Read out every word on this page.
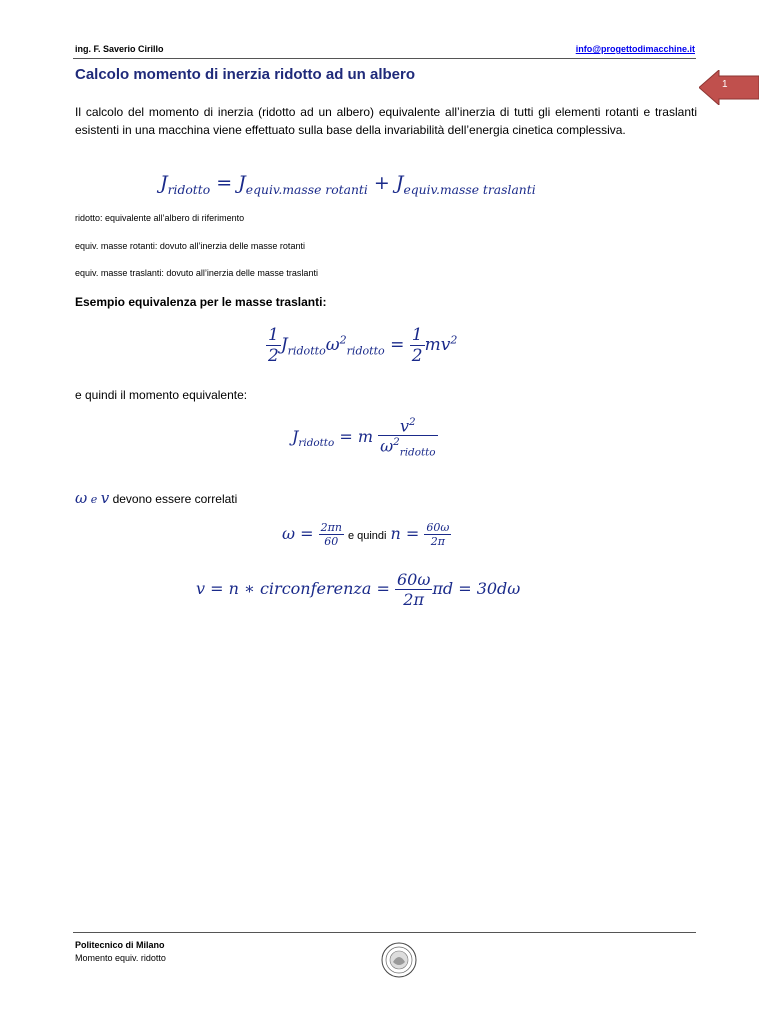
ing. F. Saverio Cirillo	info@progettodimacchine.it
1
Calcolo momento di inerzia ridotto ad un albero
Il calcolo del momento di inerzia (ridotto ad un albero) equivalente all’inerzia di tutti gli elementi rotanti e traslanti esistenti in una macchina viene effettuato sulla base della invariabilità dell’energia cinetica complessiva.
$J_{ridotto} = J_{equiv.masse rotanti} + J_{equiv.masse traslanti}$
ridotto: equivalente all’albero di riferimento
equiv. masse rotanti: dovuto all’inerzia delle masse rotanti
equiv. masse traslanti: dovuto all’inerzia delle masse traslanti
Esempio equivalenza per le masse traslanti:
$\frac{1}{2} J_{ridotto}\omega^2_{ridotto} = \frac{1}{2} mv^2$
e quindi il momento equivalente:
$J_{ridotto} = m \frac{v^2}{\omega^2_{ridotto}}$
ω e v devono essere correlati
$\omega = \frac{2\pi n}{60}$ e quindi $n = \frac{60\omega}{2\pi}$
v = n ∗ circonferenza = $\frac{60\omega}{2\pi}$ πd = 30dω
Politecnico di Milano
Momento equiv. ridotto
